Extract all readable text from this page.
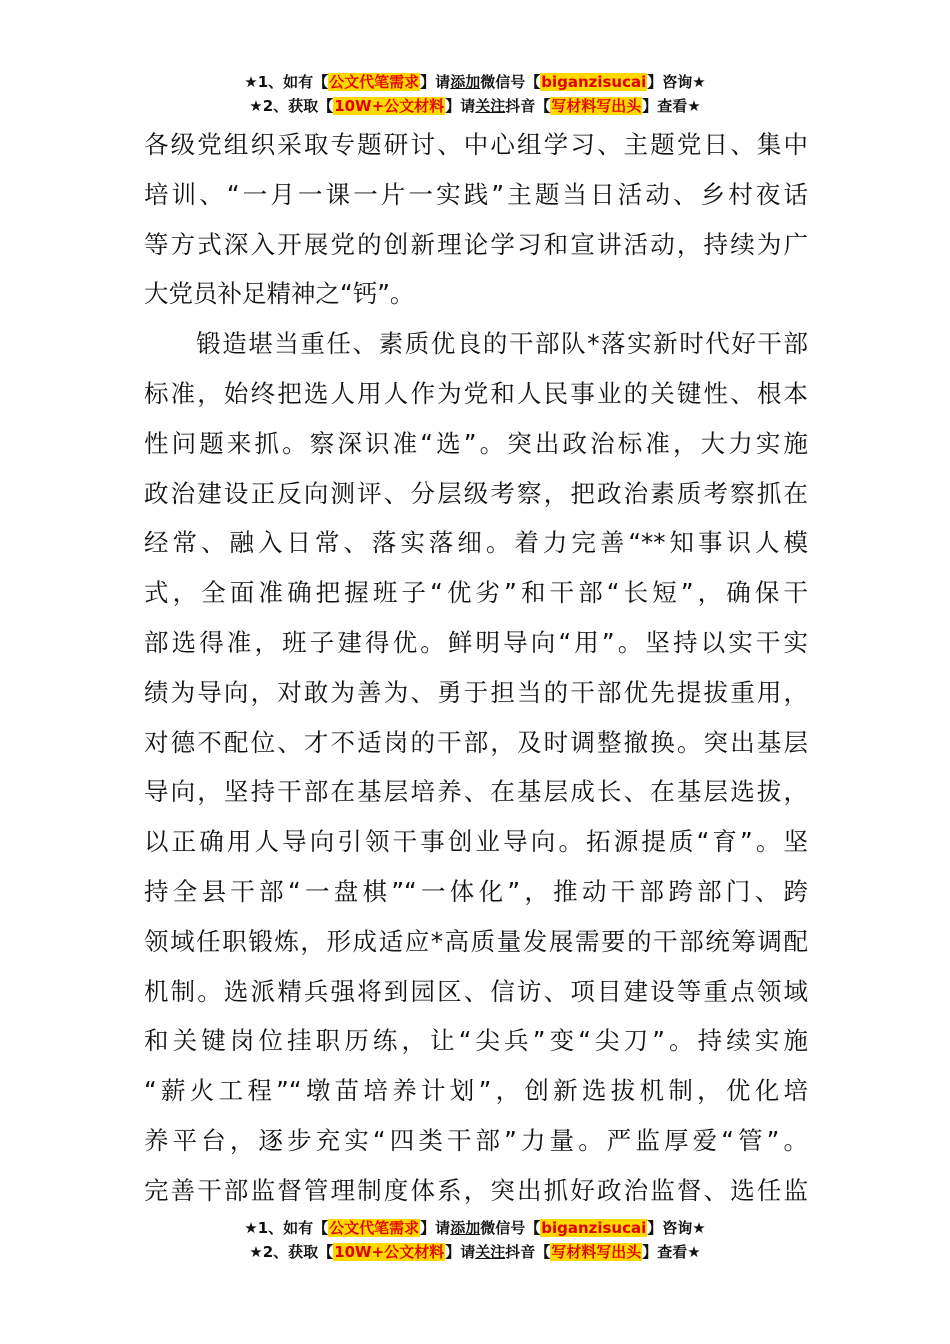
★1、如有【公文代笔需求】请添加微信号【biganzisucai】咨询★
★2、获取【10W+公文材料】请关注抖音【写材料写出头】查看★
各级党组织采取专题研讨、中心组学习、主题党日、集中
培训、“一月一课一片一实践”主题当日活动、乡村夜话
等方式深入开展党的创新理论学习和宣讲活动，持续为广
大党员补足精神之“钙”。
　　锻造堪当重任、素质优良的干部队*落实新时代好干部
标准，始终把选人用人作为党和人民事业的关键性、根本
性问题来抓。察深识准“选”。突出政治标准，大力实施
政治建设正反向测评、分层级考察，把政治素质考察抓在
经常、融入日常、落实落细。着力完善“**知事识人模
式，全面准确把握班子“优劣”和干部“长短”，确保干
部选得准，班子建得优。鲜明导向“用”。坚持以实干实
绩为导向，对敢为善为、勇于担当的干部优先提拔重用，
对德不配位、才不适岗的干部，及时调整撤换。突出基层
导向，坚持干部在基层培养、在基层成长、在基层选拔，
以正确用人导向引领干事创业导向。拓源提质“育”。坚
持全县干部“一盘棋”“一体化”，推动干部跨部门、跨
领域任职锻炼，形成适应*高质量发展需要的干部统筹调配
机制。选派精兵强将到园区、信访、项目建设等重点领域
和关键岗位挂职历练，让“尖兵”变“尖刀”。持续实施
“薪火工程”“墩苗培养计划”，创新选拔机制，优化培
养平台，逐步充实“四类干部”力量。严监厚爱“管”。
完善干部监督管理制度体系，突出抓好政治监督、选任监
★1、如有【公文代笔需求】请添加微信号【biganzisucai】咨询★
★2、获取【10W+公文材料】请关注抖音【写材料写出头】查看★
